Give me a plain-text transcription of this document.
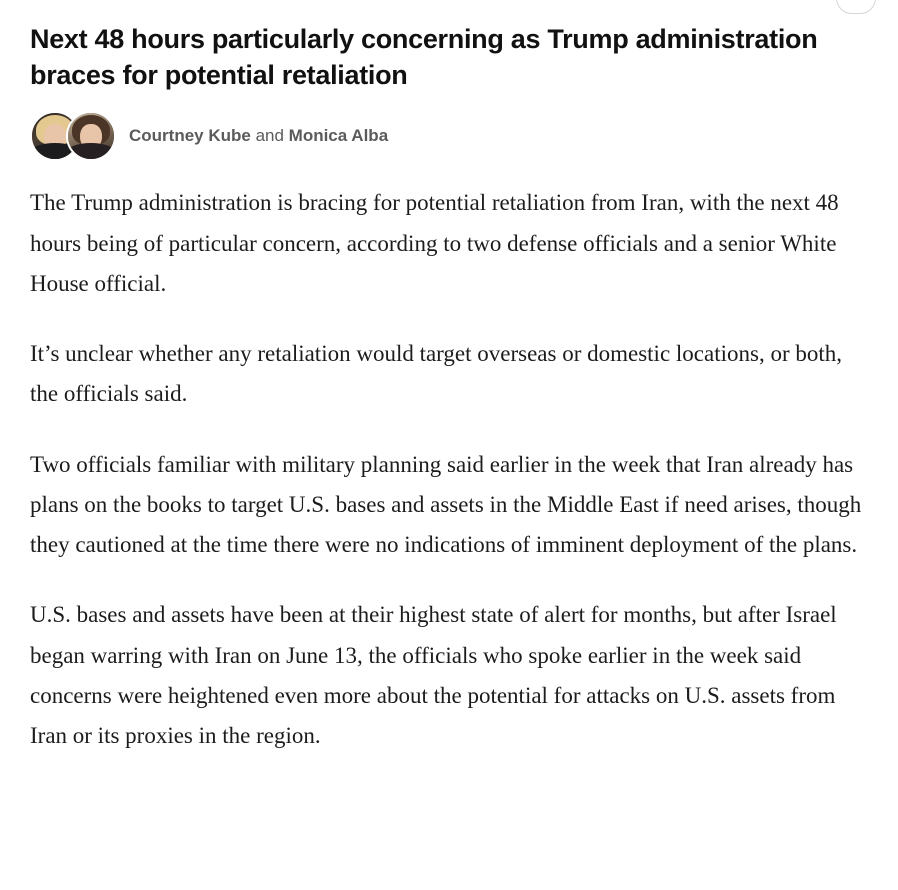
Next 48 hours particularly concerning as Trump administration braces for potential retaliation
Courtney Kube and Monica Alba

The Trump administration is bracing for potential retaliation from Iran, with the next 48 hours being of particular concern, according to two defense officials and a senior White House official.

It’s unclear whether any retaliation would target overseas or domestic locations, or both, the officials said.

Two officials familiar with military planning said earlier in the week that Iran already has plans on the books to target U.S. bases and assets in the Middle East if need arises, though they cautioned at the time there were no indications of imminent deployment of the plans.

U.S. bases and assets have been at their highest state of alert for months, but after Israel began warring with Iran on June 13, the officials who spoke earlier in the week said concerns were heightened even more about the potential for attacks on U.S. assets from Iran or its proxies in the region.
